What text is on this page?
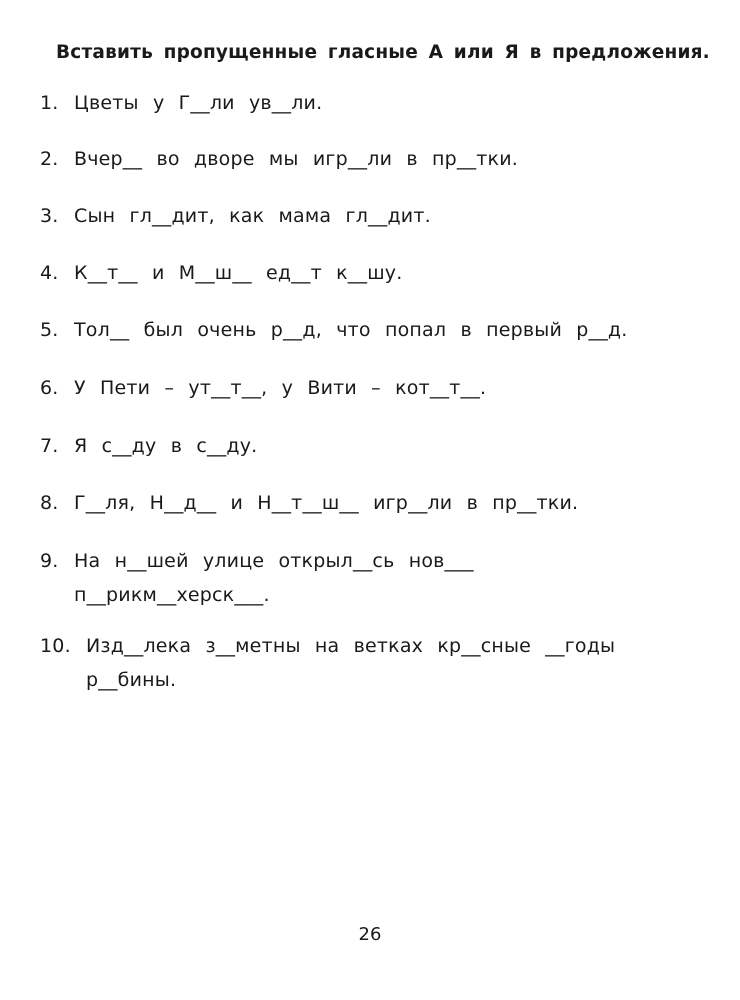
Вставить пропущенные гласные А или Я в предложения.
1. Цветы у Г__ли ув__ли.
2. Вчер__ во дворе мы игр__ли в пр__тки.
3. Сын гл__дит, как мама гл__дит.
4. К__т__ и М__ш__ ед__т к__шу.
5. Тол__ был очень р__д, что попал в первый р__д.
6. У Пети – ут__т__, у Вити – кот__т__.
7. Я с__ду в с__ду.
8. Г__ля, Н__д__ и Н__т__ш__ игр__ли в пр__тки.
9. На н__шей улице открыл__сь нов___
п__рикм__херск___.
10. Изд__лека з__метны на ветках кр__сные __годы
р__бины.
26
